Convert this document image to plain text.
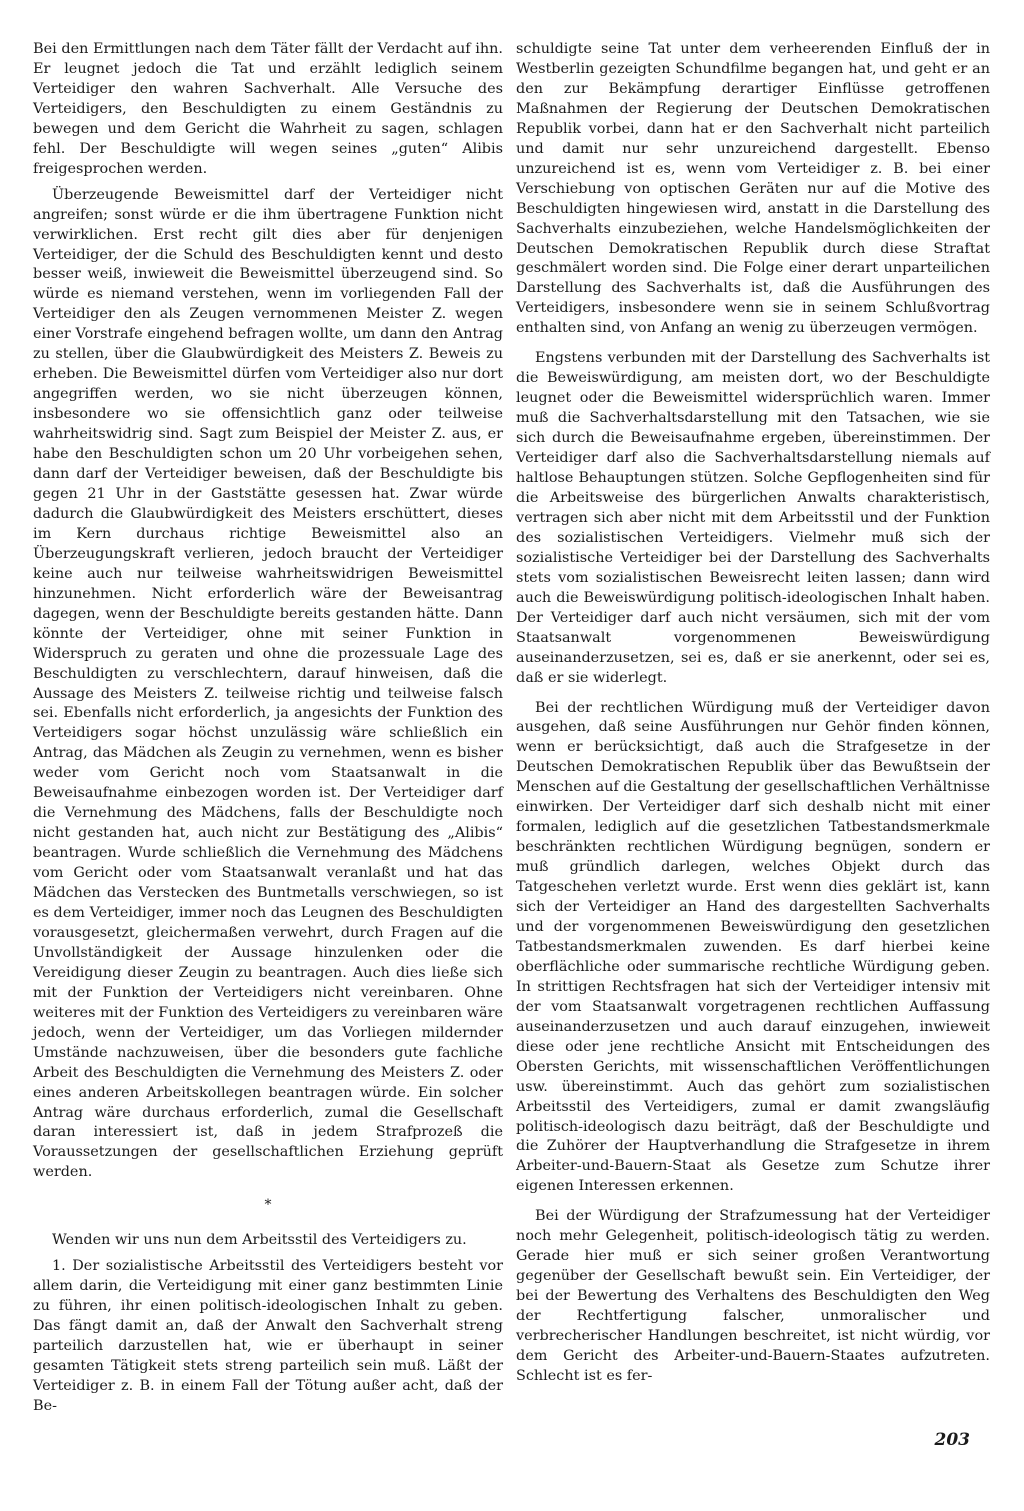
Bei den Ermittlungen nach dem Täter fällt der Verdacht auf ihn. Er leugnet jedoch die Tat und erzählt lediglich seinem Verteidiger den wahren Sachverhalt. Alle Versuche des Verteidigers, den Beschuldigten zu einem Geständnis zu bewegen und dem Gericht die Wahrheit zu sagen, schlagen fehl. Der Beschuldigte will wegen seines „guten“ Alibis freigesprochen werden.

Überzeugende Beweismittel darf der Verteidiger nicht angreifen; sonst würde er die ihm übertragene Funktion nicht verwirklichen. Erst recht gilt dies aber für denjenigen Verteidiger, der die Schuld des Beschuldigten kennt und desto besser weiß, inwieweit die Beweismittel überzeugend sind. So würde es niemand verstehen, wenn im vorliegenden Fall der Verteidiger den als Zeugen vernommenen Meister Z. wegen einer Vorstrafe eingehend befragen wollte, um dann den Antrag zu stellen, über die Glaubwürdigkeit des Meisters Z. Beweis zu erheben. Die Beweismittel dürfen vom Verteidiger also nur dort angegriffen werden, wo sie nicht überzeugen können, insbesondere wo sie offensichtlich ganz oder teilweise wahrheitswidrig sind. Sagt zum Beispiel der Meister Z. aus, er habe den Beschuldigten schon um 20 Uhr vorbeigehen sehen, dann darf der Verteidiger beweisen, daß der Beschuldigte bis gegen 21 Uhr in der Gaststätte gesessen hat. Zwar würde dadurch die Glaubwürdigkeit des Meisters erschüttert, dieses im Kern durchaus richtige Beweismittel also an Überzeugungskraft verlieren, jedoch braucht der Verteidiger keine auch nur teilweise wahrheitswidrigen Beweismittel hinzunehmen. Nicht erforderlich wäre der Beweisantrag dagegen, wenn der Beschuldigte bereits gestanden hätte. Dann könnte der Verteidiger, ohne mit seiner Funktion in Widerspruch zu geraten und ohne die prozessuale Lage des Beschuldigten zu verschlechtern, darauf hinweisen, daß die Aussage des Meisters Z. teilweise richtig und teilweise falsch sei. Ebenfalls nicht erforderlich, ja angesichts der Funktion des Verteidigers sogar höchst unzulässig wäre schließlich ein Antrag, das Mädchen als Zeugin zu vernehmen, wenn es bisher weder vom Gericht noch vom Staatsanwalt in die Beweisaufnahme einbezogen worden ist. Der Verteidiger darf die Vernehmung des Mädchens, falls der Beschuldigte noch nicht gestanden hat, auch nicht zur Bestätigung des „Alibis“ beantragen. Wurde schließlich die Vernehmung des Mädchens vom Gericht oder vom Staatsanwalt veranlaßt und hat das Mädchen das Verstecken des Buntmetalls verschwiegen, so ist es dem Verteidiger, immer noch das Leugnen des Beschuldigten vorausgesetzt, gleichermaßen verwehrt, durch Fragen auf die Unvollständigkeit der Aussage hinzulenken oder die Vereidigung dieser Zeugin zu beantragen. Auch dies ließe sich mit der Funktion der Verteidigers nicht vereinbaren. Ohne weiteres mit der Funktion des Verteidigers zu vereinbaren wäre jedoch, wenn der Verteidiger, um das Vorliegen mildernder Umstände nachzuweisen, über die besonders gute fachliche Arbeit des Beschuldigten die Vernehmung des Meisters Z. oder eines anderen Arbeitskollegen beantragen würde. Ein solcher Antrag wäre durchaus erforderlich, zumal die Gesellschaft daran interessiert ist, daß in jedem Strafprozeß die Voraussetzungen der gesellschaftlichen Erziehung geprüft werden.

*

Wenden wir uns nun dem Arbeitsstil des Verteidigers zu.

1. Der sozialistische Arbeitsstil des Verteidigers besteht vor allem darin, die Verteidigung mit einer ganz bestimmten Linie zu führen, ihr einen politisch-ideologischen Inhalt zu geben. Das fängt damit an, daß der Anwalt den Sachverhalt streng parteilich darzustellen hat, wie er überhaupt in seiner gesamten Tätigkeit stets streng parteilich sein muß. Läßt der Verteidiger z. B. in einem Fall der Tötung außer acht, daß der Be-

schuldigte seine Tat unter dem verheerenden Einfluß der in Westberlin gezeigten Schundfilme begangen hat, und geht er an den zur Bekämpfung derartiger Einflüsse getroffenen Maßnahmen der Regierung der Deutschen Demokratischen Republik vorbei, dann hat er den Sachverhalt nicht parteilich und damit nur sehr unzureichend dargestellt. Ebenso unzureichend ist es, wenn vom Verteidiger z. B. bei einer Verschiebung von optischen Geräten nur auf die Motive des Beschuldigten hingewiesen wird, anstatt in die Darstellung des Sachverhalts einzubeziehen, welche Handelsmöglichkeiten der Deutschen Demokratischen Republik durch diese Straftat geschmälert worden sind. Die Folge einer derart unparteilichen Darstellung des Sachverhalts ist, daß die Ausführungen des Verteidigers, insbesondere wenn sie in seinem Schlußvortrag enthalten sind, von Anfang an wenig zu überzeugen vermögen.

Engstens verbunden mit der Darstellung des Sachverhalts ist die Beweiswürdigung, am meisten dort, wo der Beschuldigte leugnet oder die Beweismittel widersprüchlich waren. Immer muß die Sachverhaltsdarstellung mit den Tatsachen, wie sie sich durch die Beweisaufnahme ergeben, übereinstimmen. Der Verteidiger darf also die Sachverhaltsdarstellung niemals auf haltlose Behauptungen stützen. Solche Gepflogenheiten sind für die Arbeitsweise des bürgerlichen Anwalts charakteristisch, vertragen sich aber nicht mit dem Arbeitsstil und der Funktion des sozialistischen Verteidigers. Vielmehr muß sich der sozialistische Verteidiger bei der Darstellung des Sachverhalts stets vom sozialistischen Beweisrecht leiten lassen; dann wird auch die Beweiswürdigung politisch-ideologischen Inhalt haben. Der Verteidiger darf auch nicht versäumen, sich mit der vom Staatsanwalt vorgenommenen Beweiswürdigung auseinanderzusetzen, sei es, daß er sie anerkennt, oder sei es, daß er sie widerlegt.

Bei der rechtlichen Würdigung muß der Verteidiger davon ausgehen, daß seine Ausführungen nur Gehör finden können, wenn er berücksichtigt, daß auch die Strafgesetze in der Deutschen Demokratischen Republik über das Bewußtsein der Menschen auf die Gestaltung der gesellschaftlichen Verhältnisse einwirken. Der Verteidiger darf sich deshalb nicht mit einer formalen, lediglich auf die gesetzlichen Tatbestandsmerkmale beschränkten rechtlichen Würdigung begnügen, sondern er muß gründlich darlegen, welches Objekt durch das Tatgeschehen verletzt wurde. Erst wenn dies geklärt ist, kann sich der Verteidiger an Hand des dargestellten Sachverhalts und der vorgenommenen Beweiswürdigung den gesetzlichen Tatbestandsmerkmalen zuwenden. Es darf hierbei keine oberflächliche oder summarische rechtliche Würdigung geben. In strittigen Rechtsfragen hat sich der Verteidiger intensiv mit der vom Staatsanwalt vorgetragenen rechtlichen Auffassung auseinanderzusetzen und auch darauf einzugehen, inwieweit diese oder jene rechtliche Ansicht mit Entscheidungen des Obersten Gerichts, mit wissenschaftlichen Veröffentlichungen usw. übereinstimmt. Auch das gehört zum sozialistischen Arbeitsstil des Verteidigers, zumal er damit zwangsläufig politisch-ideologisch dazu beiträgt, daß der Beschuldigte und die Zuhörer der Hauptverhandlung die Strafgesetze in ihrem Arbeiter-und-Bauern-Staat als Gesetze zum Schutze ihrer eigenen Interessen erkennen.

Bei der Würdigung der Strafzumessung hat der Verteidiger noch mehr Gelegenheit, politisch-ideologisch tätig zu werden. Gerade hier muß er sich seiner großen Verantwortung gegenüber der Gesellschaft bewußt sein. Ein Verteidiger, der bei der Bewertung des Verhaltens des Beschuldigten den Weg der Rechtfertigung falscher, unmoralischer und verbrecherischer Handlungen beschreitet, ist nicht würdig, vor dem Gericht des Arbeiter-und-Bauern-Staates aufzutreten. Schlecht ist es fer-

203
